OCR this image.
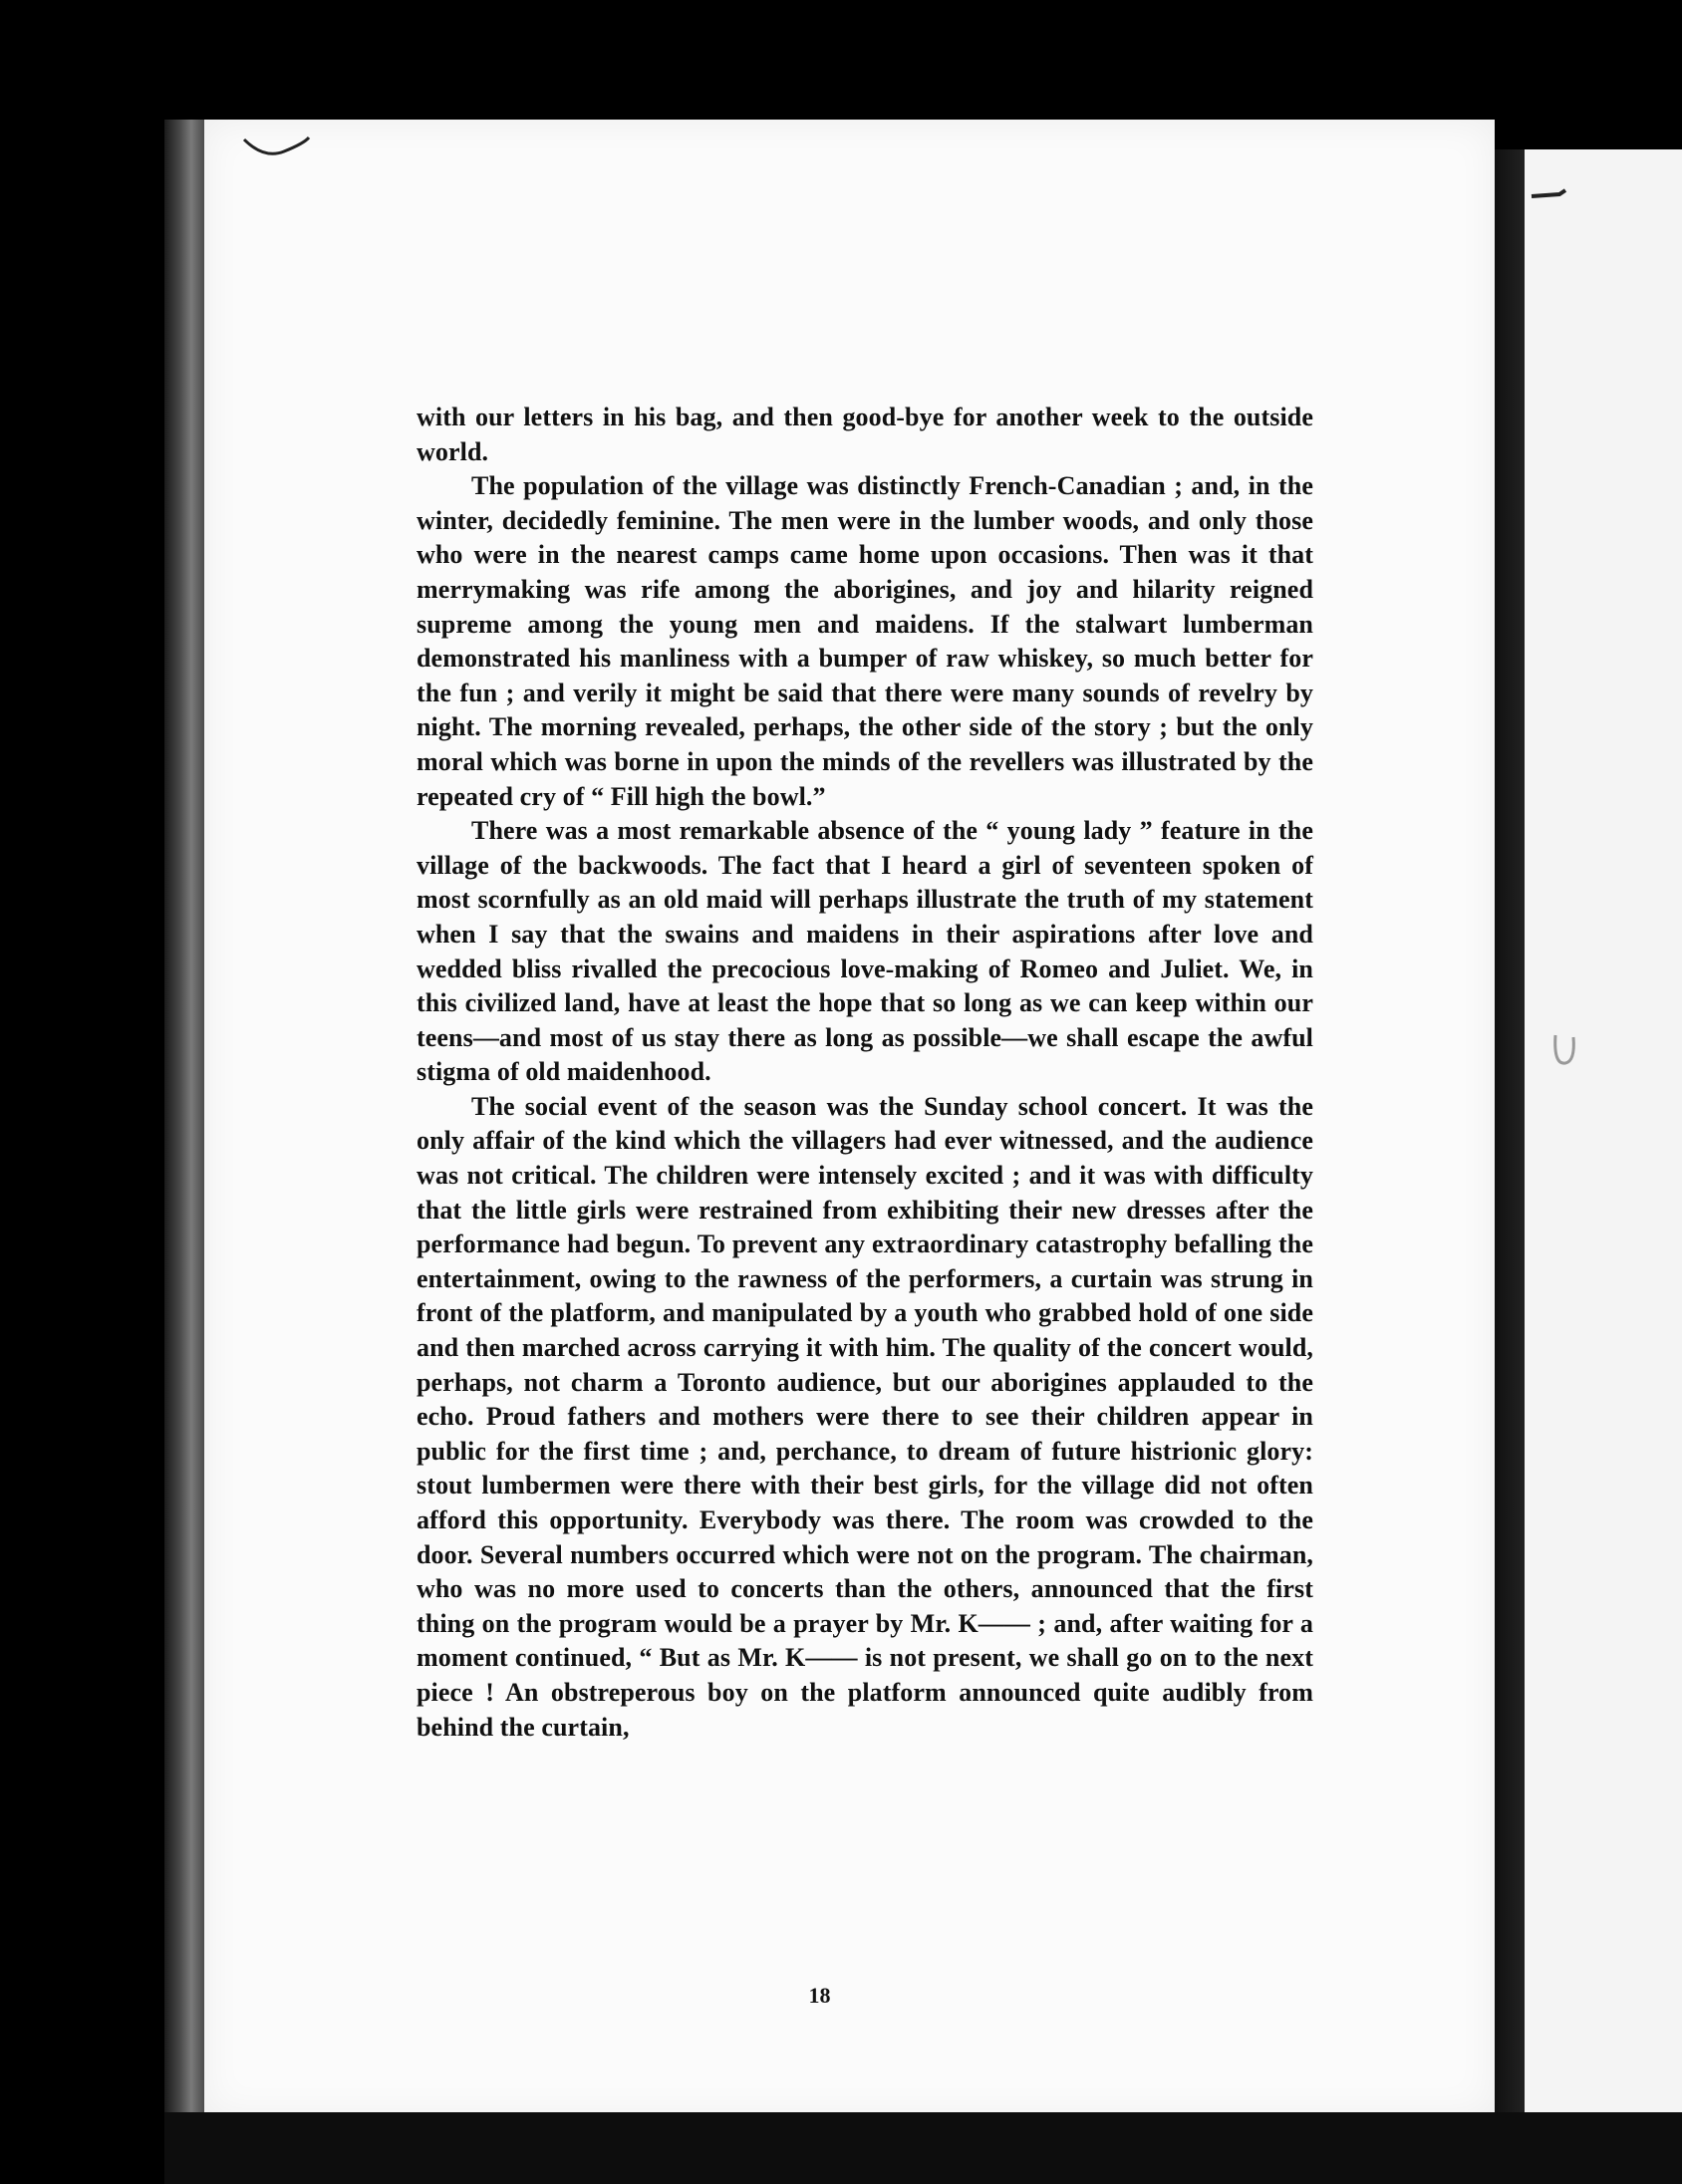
18

with our letters in his bag, and then good-bye for another week to the outside world.

The population of the village was distinctly French-Canadian ; and, in the winter, decidedly feminine. The men were in the lumber woods, and only those who were in the nearest camps came home upon occasions. Then was it that merrymaking was rife among the aborigines, and joy and hilarity reigned supreme among the young men and maidens. If the stalwart lumberman demonstrated his manliness with a bumper of raw whiskey, so much better for the fun ; and verily it might be said that there were many sounds of revelry by night. The morning revealed, perhaps, the other side of the story ; but the only moral which was borne in upon the minds of the revellers was illustrated by the repeated cry of “ Fill high the bowl.”

There was a most remarkable absence of the “ young lady ” feature in the village of the backwoods. The fact that I heard a girl of seventeen spoken of most scornfully as an old maid will perhaps illustrate the truth of my statement when I say that the swains and maidens in their aspirations after love and wedded bliss rivalled the precocious love-making of Romeo and Juliet. We, in this civilized land, have at least the hope that so long as we can keep within our teens—and most of us stay there as long as possible—we shall escape the awful stigma of old maidenhood.

The social event of the season was the Sunday school concert. It was the only affair of the kind which the villagers had ever witnessed, and the audience was not critical. The children were intensely excited ; and it was with difficulty that the little girls were restrained from exhibiting their new dresses after the performance had begun. To prevent any extraordinary catastrophy befalling the entertainment, owing to the rawness of the performers, a curtain was strung in front of the platform, and manipulated by a youth who grabbed hold of one side and then marched across carrying it with him. The quality of the concert would, perhaps, not charm a Toronto audience, but our aborigines applauded to the echo. Proud fathers and mothers were there to see their children appear in public for the first time ; and, perchance, to dream of future histrionic glory: stout lumbermen were there with their best girls, for the village did not often afford this opportunity. Everybody was there. The room was crowded to the door. Several numbers occurred which were not on the program. The chairman, who was no more used to concerts than the others, announced that the first thing on the program would be a prayer by Mr. K—— ; and, after waiting for a moment continued, “ But as Mr. K—— is not present, we shall go on to the next piece ! An obstreperous boy on the platform announced quite audibly from behind the curtain,
